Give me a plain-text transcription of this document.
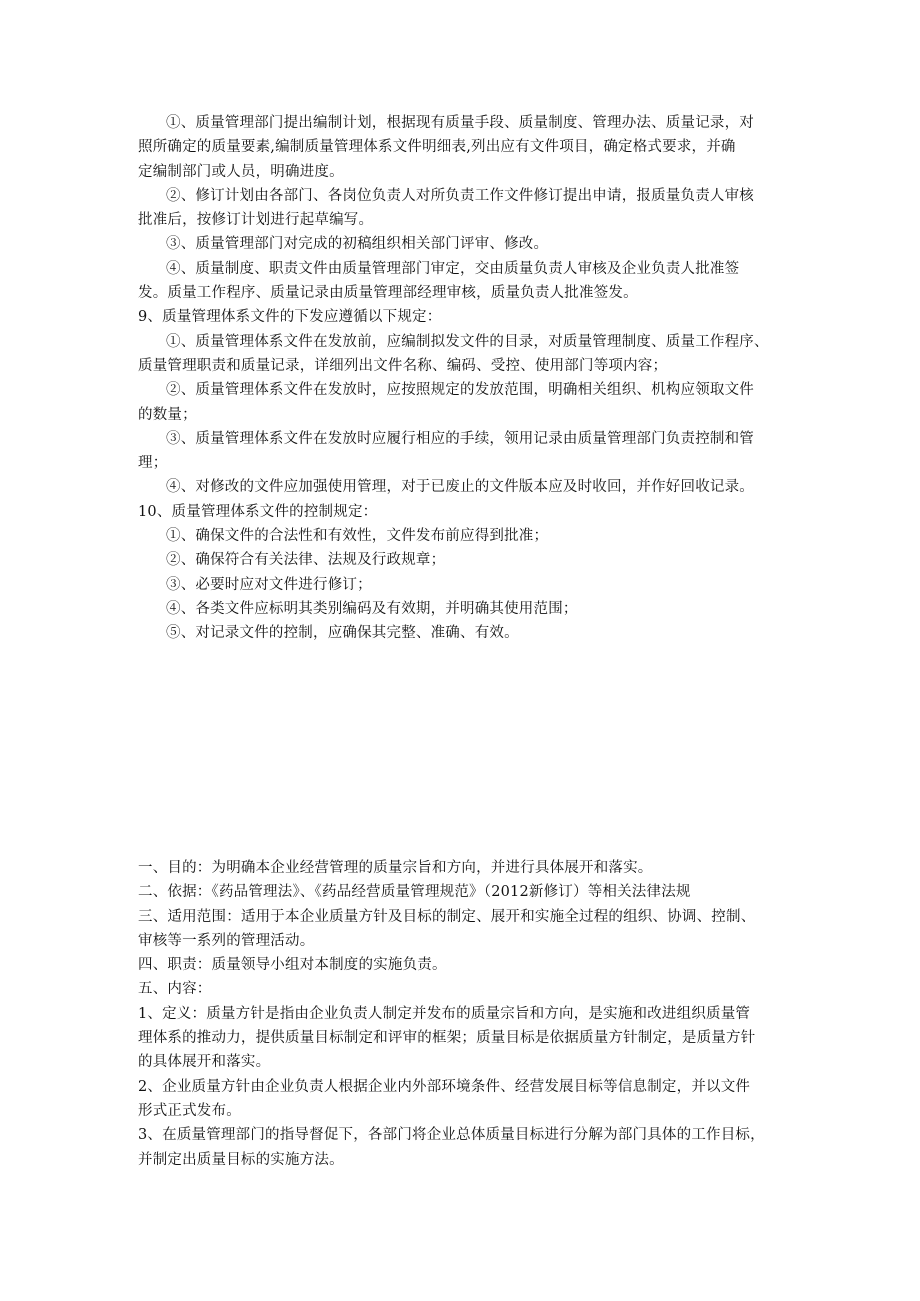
①、质量管理部门提出编制计划，根据现有质量手段、质量制度、管理办法、质量记录，对
照所确定的质量要素,编制质量管理体系文件明细表,列出应有文件项目，确定格式要求，并确
定编制部门或人员，明确进度。
②、修订计划由各部门、各岗位负责人对所负责工作文件修订提出申请，报质量负责人审核
批准后，按修订计划进行起草编写。
③、质量管理部门对完成的初稿组织相关部门评审、修改。
④、质量制度、职责文件由质量管理部门审定，交由质量负责人审核及企业负责人批准签
发。质量工作程序、质量记录由质量管理部经理审核，质量负责人批准签发。
9、质量管理体系文件的下发应遵循以下规定：
①、质量管理体系文件在发放前，应编制拟发文件的目录，对质量管理制度、质量工作程序、
质量管理职责和质量记录，详细列出文件名称、编码、受控、使用部门等项内容；
②、质量管理体系文件在发放时，应按照规定的发放范围，明确相关组织、机构应领取文件
的数量；
③、质量管理体系文件在发放时应履行相应的手续，领用记录由质量管理部门负责控制和管
理；
④、对修改的文件应加强使用管理，对于已废止的文件版本应及时收回，并作好回收记录。
10、质量管理体系文件的控制规定：
①、确保文件的合法性和有效性，文件发布前应得到批准；
②、确保符合有关法律、法规及行政规章；
③、必要时应对文件进行修订；
④、各类文件应标明其类别编码及有效期，并明确其使用范围；
⑤、对记录文件的控制，应确保其完整、准确、有效。
一、目的：为明确本企业经营管理的质量宗旨和方向，并进行具体展开和落实。
二、依据：《药品管理法》、《药品经营质量管理规范》（2012新修订）等相关法律法规
三、适用范围：适用于本企业质量方针及目标的制定、展开和实施全过程的组织、协调、控制、
审核等一系列的管理活动。
四、职责：质量领导小组对本制度的实施负责。
五、内容：
1、定义：质量方针是指由企业负责人制定并发布的质量宗旨和方向，是实施和改进组织质量管
理体系的推动力，提供质量目标制定和评审的框架；质量目标是依据质量方针制定，是质量方针
的具体展开和落实。
2、企业质量方针由企业负责人根据企业内外部环境条件、经营发展目标等信息制定，并以文件
形式正式发布。
3、在质量管理部门的指导督促下，各部门将企业总体质量目标进行分解为部门具体的工作目标，
并制定出质量目标的实施方法。
